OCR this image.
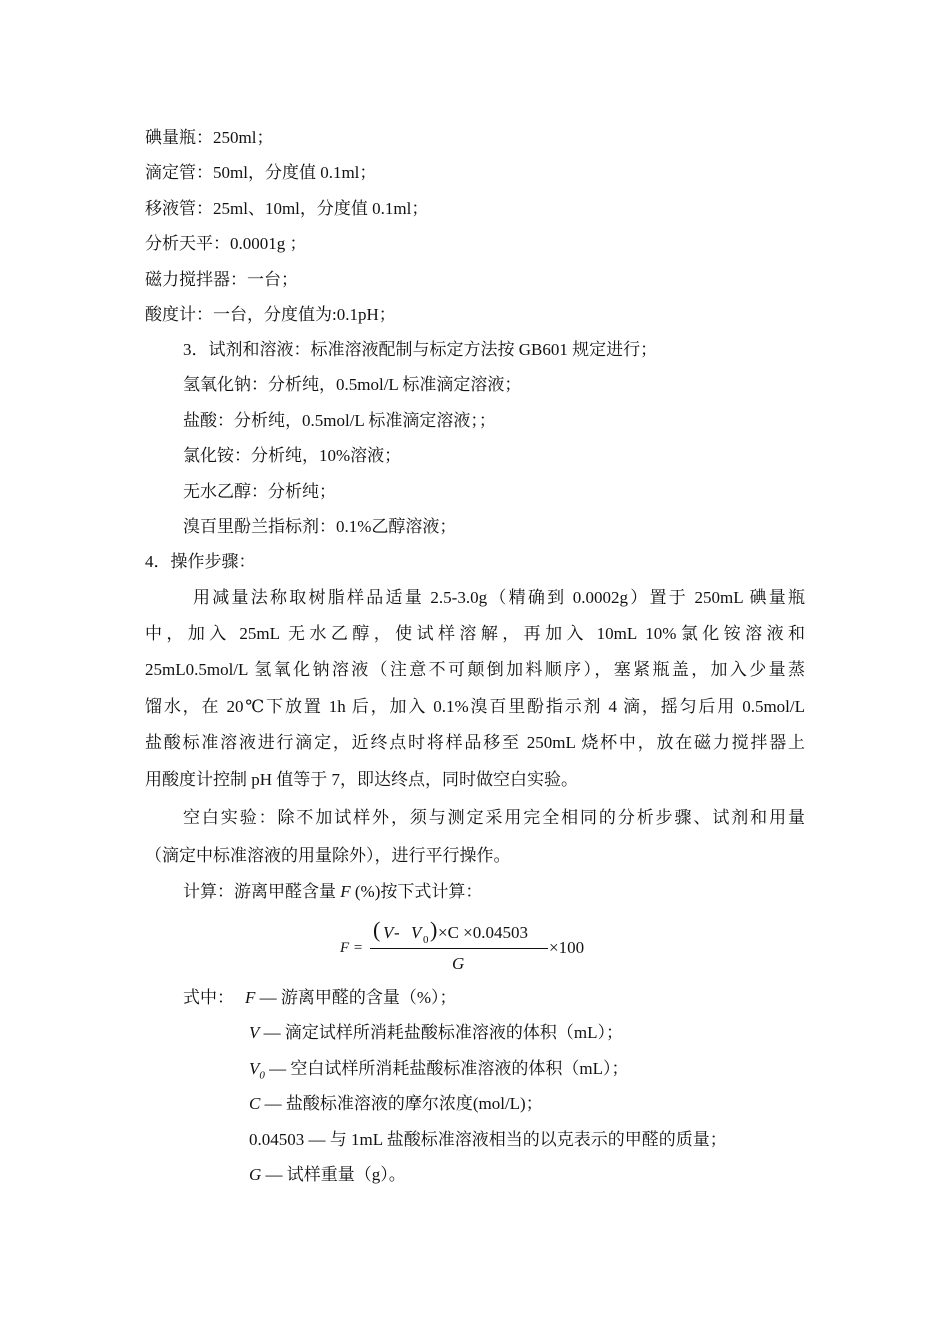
碘量瓶：250ml；
滴定管：50ml，分度值 0.1ml；
移液管：25ml、10ml，分度值 0.1ml；
分析天平：0.0001g ；
磁力搅拌器：一台；
酸度计：一台，分度值为:0.1pH；
3．试剂和溶液：标准溶液配制与标定方法按 GB601 规定进行；
氢氧化钠：分析纯，0.5mol/L 标准滴定溶液；
盐酸：分析纯，0.5mol/L 标准滴定溶液；；
氯化铵：分析纯，10%溶液；
无水乙醇：分析纯；
溴百里酚兰指标剂：0.1%乙醇溶液；
4．操作步骤：
用减量法称取树脂样品适量 2.5-3.0g（精确到 0.0002g）置于 250mL 碘量瓶
中，加入 25mL 无水乙醇，使试样溶解，再加入 10mL 10%氯化铵溶液和
25mL0.5mol/L 氢氧化钠溶液（注意不可颠倒加料顺序），塞紧瓶盖，加入少量蒸
馏水，在 20℃下放置 1h 后，加入 0.1%溴百里酚指示剂 4 滴，摇匀后用 0.5mol/L
盐酸标准溶液进行滴定，近终点时将样品移至 250mL 烧杯中，放在磁力搅拌器上
用酸度计控制 pH 值等于 7，即达终点，同时做空白实验。
空白实验：除不加试样外，须与测定采用完全相同的分析步骤、试剂和用量
（滴定中标准溶液的用量除外），进行平行操作。
计算：游离甲醛含量 F (%)按下式计算：
F =
( V - V 0 ) ×C ×0.04503
G
×100
式中： F — 游离甲醛的含量（%）；
V — 滴定试样所消耗盐酸标准溶液的体积（mL）；
$V_0$ — 空白试样所消耗盐酸标准溶液的体积（mL）；
C — 盐酸标准溶液的摩尔浓度(mol/L)；
0.04503 — 与 1mL 盐酸标准溶液相当的以克表示的甲醛的质量；
G — 试样重量（g）。
